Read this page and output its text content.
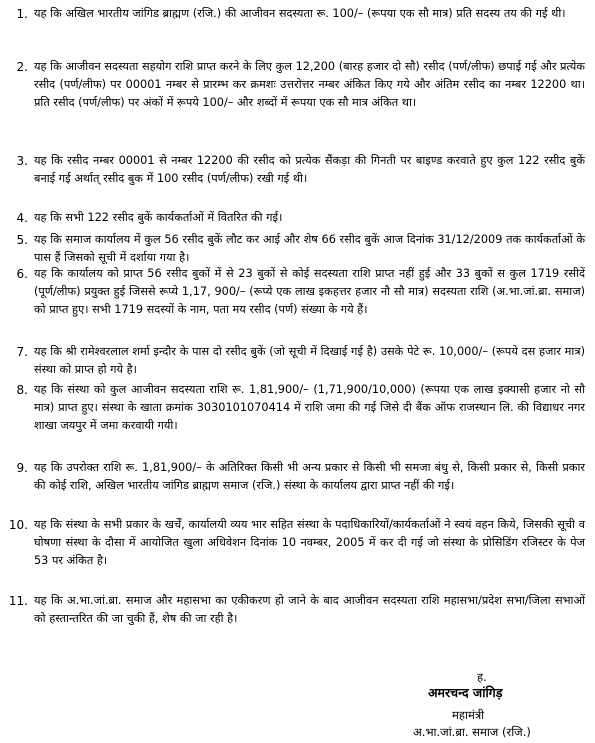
1. यह कि अखिल भारतीय जांगिड ब्राह्मण (रजि.) की आजीवन सदस्यता रू. 100/– (रूपया एक सौ मात्र) प्रति सदस्य तय की गई थी।
2. यह कि आजीवन सदस्यता सहयोग राशि प्राप्त करने के लिए कुल 12,200 (बारह हजार दो सौ) रसीद (पर्ण/लीफ) छपाई गई और प्रत्येक रसीद (पर्ण/लीफ) पर 00001 नम्बर से प्रारम्भ कर क्रमशः उत्तरोत्तर नम्बर अंकित किए गये और अंतिम रसीद का नम्बर 12200 था। प्रति रसीद (पर्ण/लीफ) पर अंकों में रूपये 100/– और शब्दों में रूपया एक सौ मात्र अंकित था।
3. यह कि रसीद नम्बर 00001 से नम्बर 12200 की रसीद को प्रत्येक सैंकड़ा की गिनती पर बाइण्ड करवाते हुए कुल 122 रसीद बुकें बनाई गई अर्थात् रसीद बुक में 100 रसीद (पर्ण/लीफ) रखी गई थी।
4. यह कि सभी 122 रसीद बुकें कार्यकर्ताओं में वितरित की गई।
5. यह कि समाज कार्यालय में कुल 56 रसीद बुकें लौट कर आई और शेष 66 रसीद बुकें आज दिनांक 31/12/2009 तक कार्यकर्ताओं के पास हैं जिसको सूची में दर्शाया गया है।
6. यह कि कार्यालय को प्राप्त 56 रसीद बुकों में से 23 बुकों से कोई सदस्यता राशि प्राप्त नहीं हुई और 33 बुकों स कुल 1719 रसीदें (पूर्ण/लीफ) प्रयुक्त हुई जिससे रूप्ये 1,17, 900/– (रूप्ये एक लाख इकहत्तर हजार नौ सौ मात्र) सदस्यता राशि (अ.भा.जां.ब्रा. समाज) को प्राप्त हुए। सभी 1719 सदस्यों के नाम, पता मय रसीद (पर्ण) संख्या के गये हैं।
7. यह कि श्री रामेश्वरलाल शर्मा इन्दौर के पास दो रसीद बुकें (जो सूची में दिखाई गई है) उसके पेटे रू. 10,000/– (रूपये दस हजार मात्र) संस्था को प्राप्त हो गये है।
8. यह कि संस्था को कुल आजीवन सदस्यता राशि रू. 1,81,900/– (1,71,900/10,000) (रूपया एक लाख इक्यासी हजार नो सौ मात्र) प्राप्त हुए। संस्था के खाता क्रमांक 3030101070414 में राशि जमा की गई जिसे दी बैंक ऑफ राजस्थान लि. की विद्याधर नगर शाखा जयपुर में जमा करवायी गयी।
9. यह कि उपरोक्त राशि रू. 1,81,900/– के अतिरिक्त किसी भी अन्य प्रकार से किसी भी समजा बंधु से, किसी प्रकार से, किसी प्रकार की कोई राशि, अखिल भारतीय जांगिड ब्राह्मण समाज (रजि.) संस्था के कार्यालय द्वारा प्राप्त नहीं की गई।
10. यह कि संस्था के सभी प्रकार के खर्चें, कार्यालयी व्यय भार सहित संस्था के पदाधिकारियों/कार्यकर्ताओं ने स्वयं वहन किये, जिसकी सूची व घोषणा संस्था के दौसा में आयोजित खुला अधिवेशन दिनांक 10 नवम्बर, 2005 में कर दी गई जो संस्था के प्रोसिडिंग रजिस्टर के पेज 53 पर अंकित है।
11. यह कि अ.भा.जां.ब्रा. समाज और महासभा का एकीकरण हो जाने के बाद आजीवन सदस्यता राशि महासभा/प्रदेश सभा/जिला सभाओं को हस्तान्तरित की जा चुकी हैं, शेष की जा रही है।
ह.
अमरचन्द जांगिड़
महामंत्री
अ.भा.जां.ब्रा. समाज (रजि.)
